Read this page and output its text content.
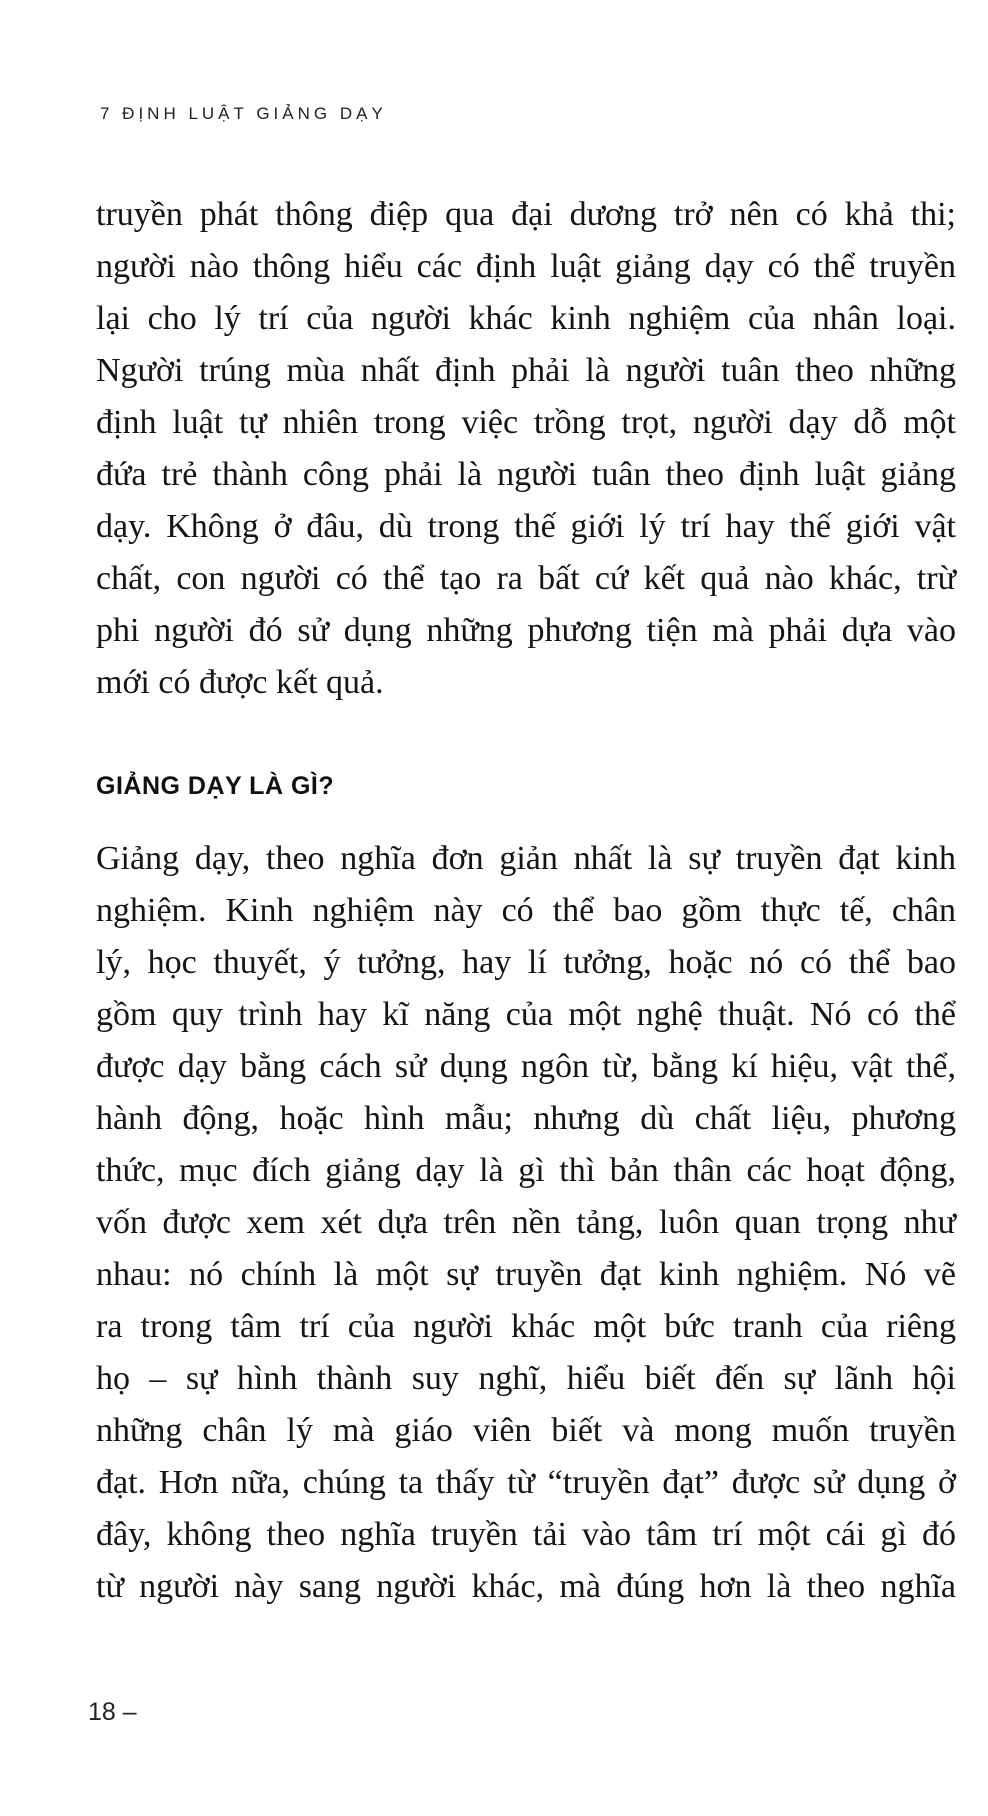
7 ĐỊNH LUẬT GIẢNG DẠY
truyền phát thông điệp qua đại dương trở nên có khả thi;
người nào thông hiểu các định luật giảng dạy có thể truyền
lại cho lý trí của người khác kinh nghiệm của nhân loại.
Người trúng mùa nhất định phải là người tuân theo những
định luật tự nhiên trong việc trồng trọt, người dạy dỗ một
đứa trẻ thành công phải là người tuân theo định luật giảng
dạy. Không ở đâu, dù trong thế giới lý trí hay thế giới vật
chất, con người có thể tạo ra bất cứ kết quả nào khác, trừ
phi người đó sử dụng những phương tiện mà phải dựa vào
mới có được kết quả.
GIẢNG DẠY LÀ GÌ?
Giảng dạy, theo nghĩa đơn giản nhất là sự truyền đạt kinh
nghiệm. Kinh nghiệm này có thể bao gồm thực tế, chân
lý, học thuyết, ý tưởng, hay lí tưởng, hoặc nó có thể bao
gồm quy trình hay kĩ năng của một nghệ thuật. Nó có thể
được dạy bằng cách sử dụng ngôn từ, bằng kí hiệu, vật thể,
hành động, hoặc hình mẫu; nhưng dù chất liệu, phương
thức, mục đích giảng dạy là gì thì bản thân các hoạt động,
vốn được xem xét dựa trên nền tảng, luôn quan trọng như
nhau: nó chính là một sự truyền đạt kinh nghiệm. Nó vẽ
ra trong tâm trí của người khác một bức tranh của riêng
họ – sự hình thành suy nghĩ, hiểu biết đến sự lãnh hội
những chân lý mà giáo viên biết và mong muốn truyền
đạt. Hơn nữa, chúng ta thấy từ “truyền đạt” được sử dụng ở
đây, không theo nghĩa truyền tải vào tâm trí một cái gì đó
từ người này sang người khác, mà đúng hơn là theo nghĩa
18 –
